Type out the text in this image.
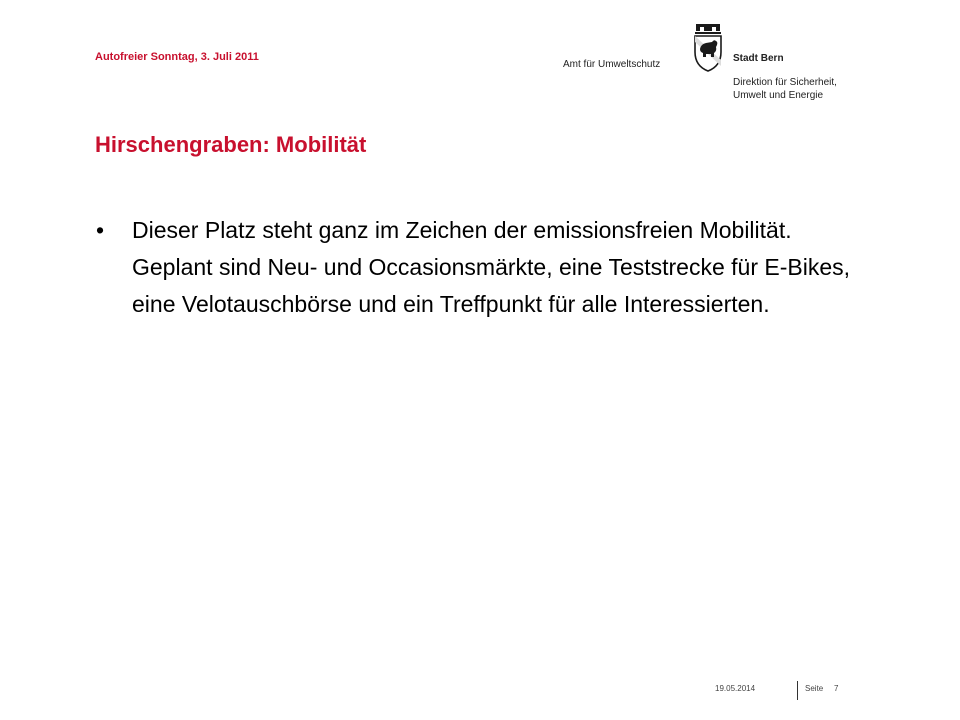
Autofreier Sonntag, 3. Juli 2011
Amt für Umweltschutz
Stadt Bern
Direktion für Sicherheit, Umwelt und Energie
Hirschengraben: Mobilität
• Dieser Platz steht ganz im Zeichen der emissionsfreien Mobilität. Geplant sind Neu- und Occasionsmärkte, eine Teststrecke für E-Bikes, eine Velotauschbörse und ein Treffpunkt für alle Interessierten.
19.05.2014	Seite 7
